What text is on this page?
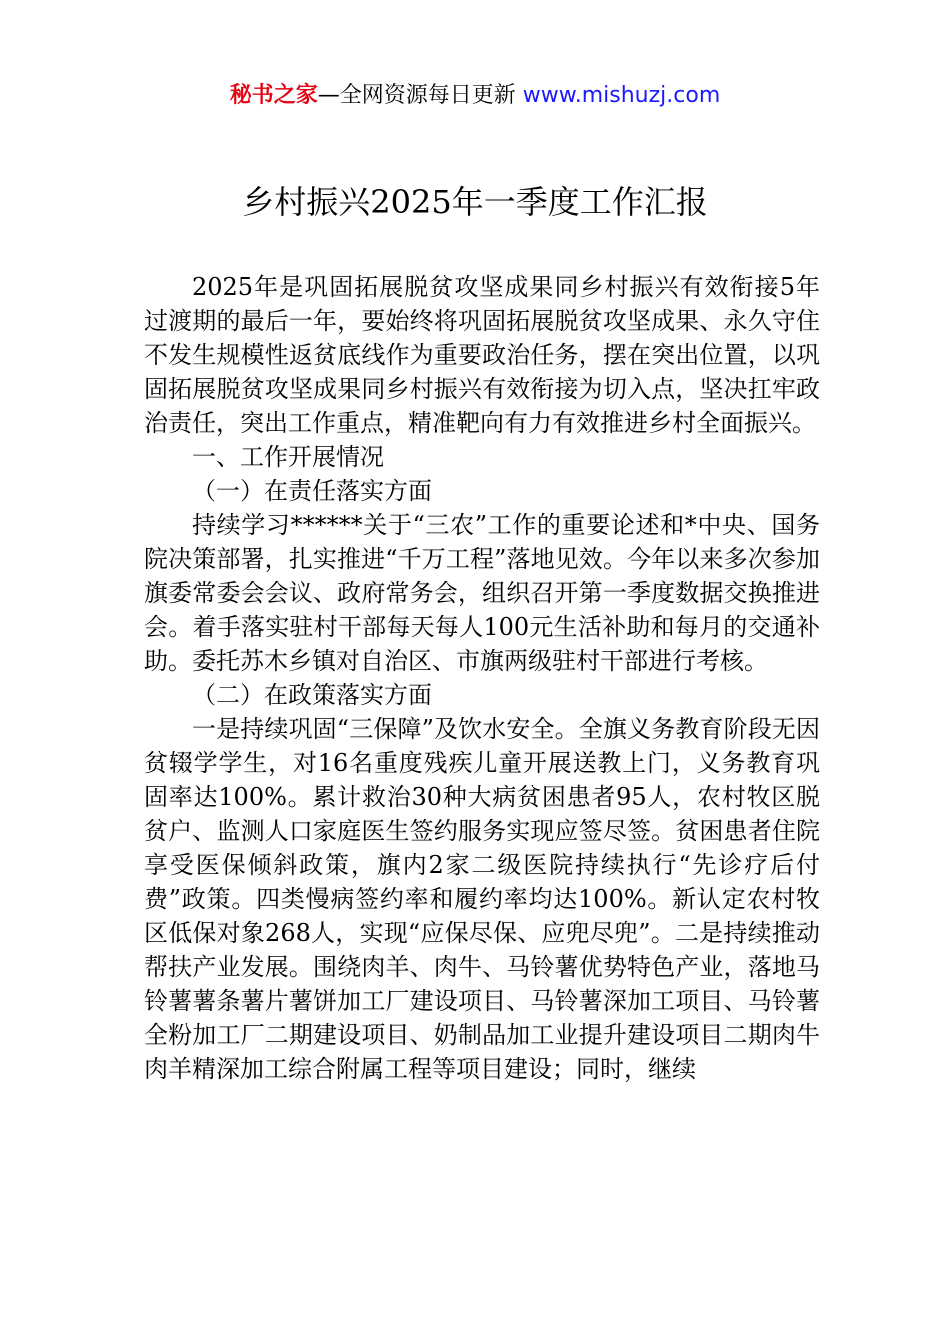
秘书之家—全网资源每日更新 www.mishuzj.com
乡村振兴2025年一季度工作汇报

2025年是巩固拓展脱贫攻坚成果同乡村振兴有效衔接5年过渡期的最后一年，要始终将巩固拓展脱贫攻坚成果、永久守住不发生规模性返贫底线作为重要政治任务，摆在突出位置，以巩固拓展脱贫攻坚成果同乡村振兴有效衔接为切入点，坚决扛牢政治责任，突出工作重点，精准靶向有力有效推进乡村全面振兴。

一、工作开展情况

（一）在责任落实方面

持续学习******关于“三农”工作的重要论述和*中央、国务院决策部署，扎实推进“千万工程”落地见效。今年以来多次参加旗委常委会会议、政府常务会，组织召开第一季度数据交换推进会。着手落实驻村干部每天每人100元生活补助和每月的交通补助。委托苏木乡镇对自治区、市旗两级驻村干部进行考核。

（二）在政策落实方面

一是持续巩固“三保障”及饮水安全。全旗义务教育阶段无因贫辍学学生，对16名重度残疾儿童开展送教上门，义务教育巩固率达100%。累计救治30种大病贫困患者95人，农村牧区脱贫户、监测人口家庭医生签约服务实现应签尽签。贫困患者住院享受医保倾斜政策，旗内2家二级医院持续执行“先诊疗后付费”政策。四类慢病签约率和履约率均达100%。新认定农村牧区低保对象268人，实现“应保尽保、应兜尽兜”。二是持续推动帮扶产业发展。围绕肉羊、肉牛、马铃薯优势特色产业，落地马铃薯薯条薯片薯饼加工厂建设项目、马铃薯深加工项目、马铃薯全粉加工厂二期建设项目、奶制品加工业提升建设项目二期肉牛肉羊精深加工综合附属工程等项目建设；同时，继续
